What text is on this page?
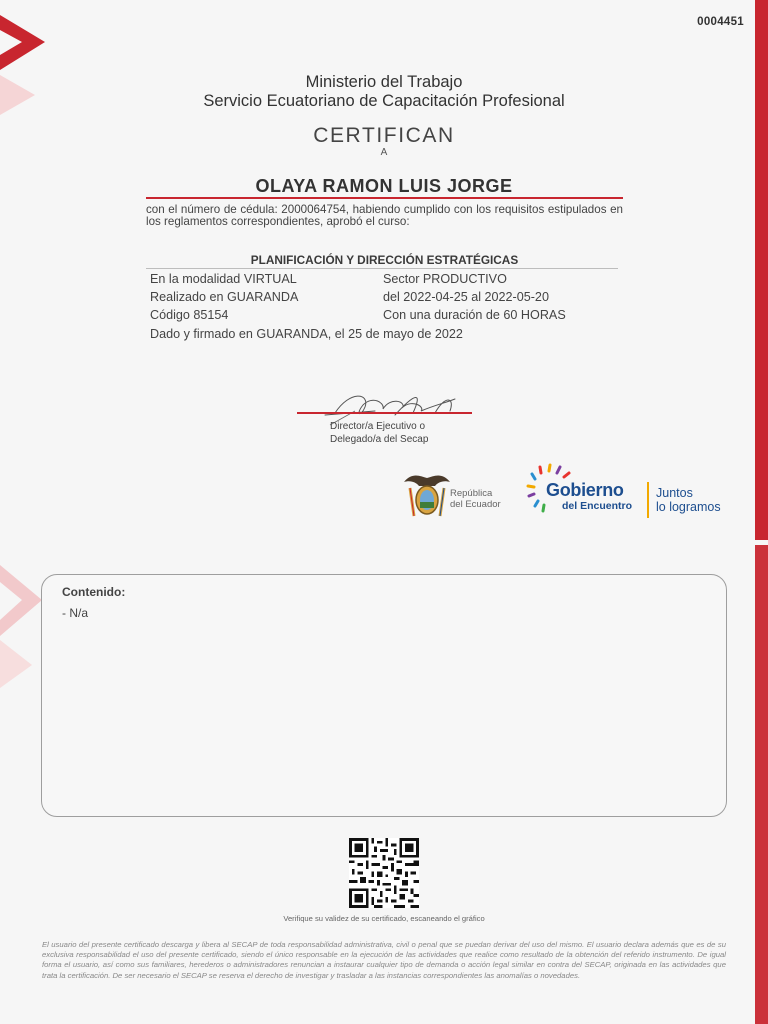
0004451
Ministerio del Trabajo
Servicio Ecuatoriano de Capacitación Profesional
CERTIFICAN
A
OLAYA RAMON LUIS JORGE
con el número de cédula: 2000064754, habiendo cumplido con los requisitos estipulados en los reglamentos correspondientes, aprobó el curso:
PLANIFICACIÓN Y DIRECCIÓN ESTRATÉGICAS
En la modalidad VIRTUAL	Sector PRODUCTIVO
Realizado en GUARANDA	del 2022-04-25 al 2022-05-20
Código 85154	Con una duración de 60 HORAS
Dado y firmado en GUARANDA, el 25 de mayo de 2022
Director/a Ejecutivo o
Delegado/a del Secap
República
del Ecuador
Gobierno
del Encuentro
Juntos
lo logramos
Contenido:
- N/a
Verifique su validez de su certificado, escaneando el gráfico
El usuario del presente certificado descarga y libera al SECAP de toda responsabilidad administrativa, civil o penal que se puedan derivar del uso del mismo. El usuario declara además que es de su exclusiva responsabilidad el uso del presente certificado, siendo el único responsable en la ejecución de las actividades que realice como resultado de la obtención del referido instrumento. De igual forma el usuario, así como sus familiares, herederos o administradores renuncian a instaurar cualquier tipo de demanda o acción legal similar en contra del SECAP, originada en las actividades que trata la certificación. De ser necesario el SECAP se reserva el derecho de investigar y trasladar a las instancias correspondientes las anomalías o novedades.
